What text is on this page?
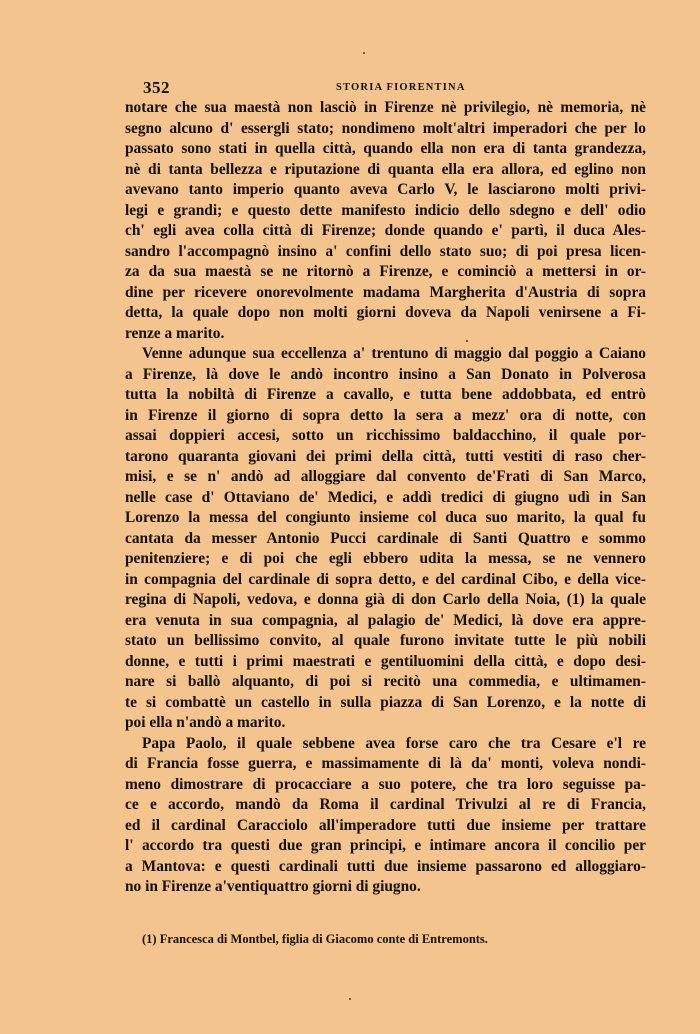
352	STORIA FIORENTINA
notare che sua maestà non lasciò in Firenze nè privilegio, nè memoria, nè
segno alcuno d' essergli stato; nondimeno molt'altri imperadori che per lo
passato sono stati in quella città, quando ella non era di tanta grandezza,
nè di tanta bellezza e riputazione di quanta ella era allora, ed eglino non
avevano tanto imperio quanto aveva Carlo V, le lasciarono molti privi-
legi e grandi; e questo dette manifesto indicio dello sdegno e dell' odio
ch' egli avea colla città di Firenze; donde quando e' partì, il duca Ales-
sandro l'accompagnò insino a' confini dello stato suo; di poi presa licen-
za da sua maestà se ne ritornò a Firenze, e cominciò a mettersi in or-
dine per ricevere onorevolmente madama Margherita d'Austria di sopra
detta, la quale dopo non molti giorni doveva da Napoli venirsene a Fi-
renze a marito.
Venne adunque sua eccellenza a' trentuno di maggio dal poggio a Caiano
a Firenze, là dove le andò incontro insino a San Donato in Polverosa
tutta la nobiltà di Firenze a cavallo, e tutta bene addobbata, ed entrò
in Firenze il giorno di sopra detto la sera a mezz' ora di notte, con
assai doppieri accesi, sotto un ricchissimo baldacchino, il quale por-
tarono quaranta giovani dei primi della città, tutti vestiti di raso cher-
misi, e se n' andò ad alloggiare dal convento de'Frati di San Marco,
nelle case d' Ottaviano de' Medici, e addì tredici di giugno udì in San
Lorenzo la messa del congiunto insieme col duca suo marito, la qual fu
cantata da messer Antonio Pucci cardinale di Santi Quattro e sommo
penitenziere; e di poi che egli ebbero udita la messa, se ne vennero
in compagnia del cardinale di sopra detto, e del cardinal Cibo, e della vice-
regina di Napoli, vedova, e donna già di don Carlo della Noia, (1) la quale
era venuta in sua compagnia, al palagio de' Medici, là dove era appre-
stato un bellissimo convito, al quale furono invitate tutte le più nobili
donne, e tutti i primi maestrati e gentiluomini della città, e dopo desi-
nare si ballò alquanto, di poi si recitò una commedia, e ultimamen-
te si combattè un castello in sulla piazza di San Lorenzo, e la notte di
poi ella n'andò a marito.
Papa Paolo, il quale sebbene avea forse caro che tra Cesare e'l re
di Francia fosse guerra, e massimamente di là da' monti, voleva nondi-
meno dimostrare di procacciare a suo potere, che tra loro seguisse pa-
ce e accordo, mandò da Roma il cardinal Trivulzi al re di Francia,
ed il cardinal Caracciolo all'imperadore tutti due insieme per trattare
l' accordo tra questi due gran principi, e intimare ancora il concilio per
a Mantova: e questi cardinali tutti due insieme passarono ed alloggiaro-
no in Firenze a'ventiquattro giorni di giugno.
(1) Francesca di Montbel, figlia di Giacomo conte di Entremonts.
